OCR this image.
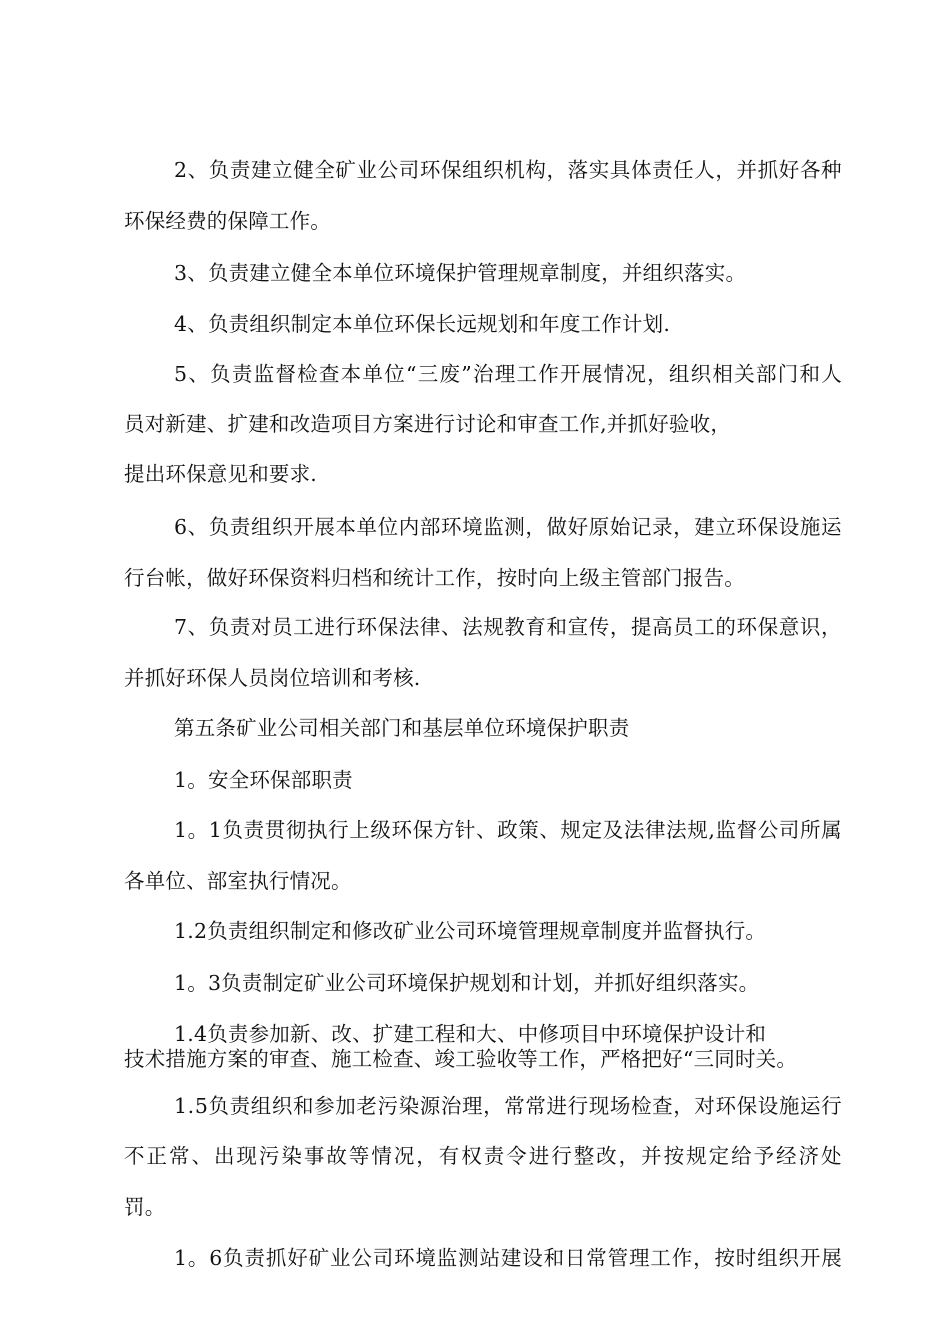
2 、 负 责 建 立 健 全 矿 业 公 司 环 保 组 织 机 构 ， 落 实 具 体 责 任 人 ， 并 抓 好 各 种

环保经费的保障工作。

3、负责建立健全本单位环境保护管理规章制度，并组织落实。

4、负责组织制定本单位环保长远规划和年度工作计划.

5 、 负 责 监 督 检 查 本 单 位 “ 三 废 ” 治 理 工 作 开 展 情 况 ， 组 织 相 关 部 门 和 人

员对新建、扩建和改造项目方案进行讨论和审查工作,并抓好验收，

提出环保意见和要求.

6 、 负 责 组 织 开 展 本 单 位 内 部 环 境 监 测 ， 做 好 原 始 记 录 ， 建 立 环 保 设 施 运

行台帐，做好环保资料归档和统计工作，按时向上级主管部门报告。

7 、 负 责 对 员 工 进 行 环 保 法 律 、 法 规 教 育 和 宣 传 ， 提 高 员 工 的 环 保 意 识 ，

并抓好环保人员岗位培训和考核.

第五条矿业公司相关部门和基层单位环境保护职责

1。安全环保部职责

1 。 1 负 责 贯 彻 执 行 上 级 环 保 方 针 、 政 策 、 规 定 及 法 律 法 规 , 监 督 公 司 所 属

各单位、部室执行情况。

1.2负责组织制定和修改矿业公司环境管理规章制度并监督执行。

1。3负责制定矿业公司环境保护规划和计划，并抓好组织落实。

1.4负责参加新、改、扩建工程和大、中修项目中环境保护设计和

技术措施方案的审查、施工检查、竣工验收等工作，严格把好“三同时关。

1 . 5 负 责 组 织 和 参 加 老 污 染 源 治 理 ， 常 常 进 行 现 场 检 查 ， 对 环 保 设 施 运 行

不 正 常 、 出 现 污 染 事 故 等 情 况 ， 有 权 责 令 进 行 整 改 ， 并 按 规 定 给 予 经 济 处

罚。

1 。 6 负 责 抓 好 矿 业 公 司 环 境 监 测 站 建 设 和 日 常 管 理 工 作 ， 按 时 组 织 开 展
